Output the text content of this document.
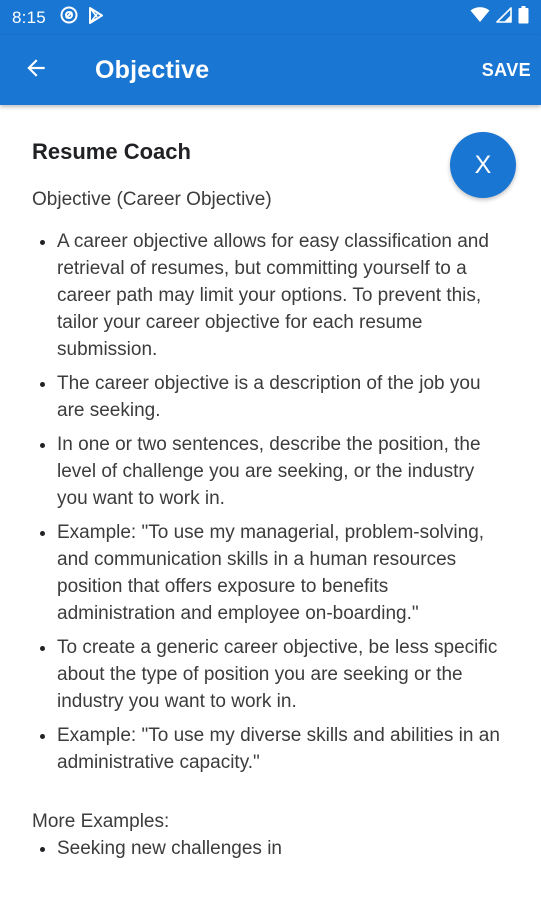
8:15
Objective	SAVE
X
Resume Coach
Objective (Career Objective)
A career objective allows for easy classification and retrieval of resumes, but committing yourself to a career path may limit your options. To prevent this, tailor your career objective for each resume submission.
The career objective is a description of the job you are seeking.
In one or two sentences, describe the position, the level of challenge you are seeking, or the industry you want to work in.
Example: "To use my managerial, problem-solving, and communication skills in a human resources position that offers exposure to benefits administration and employee on-boarding."
To create a generic career objective, be less specific about the type of position you are seeking or the industry you want to work in.
Example: "To use my diverse skills and abilities in an administrative capacity."
More Examples:
Seeking new challenges in
